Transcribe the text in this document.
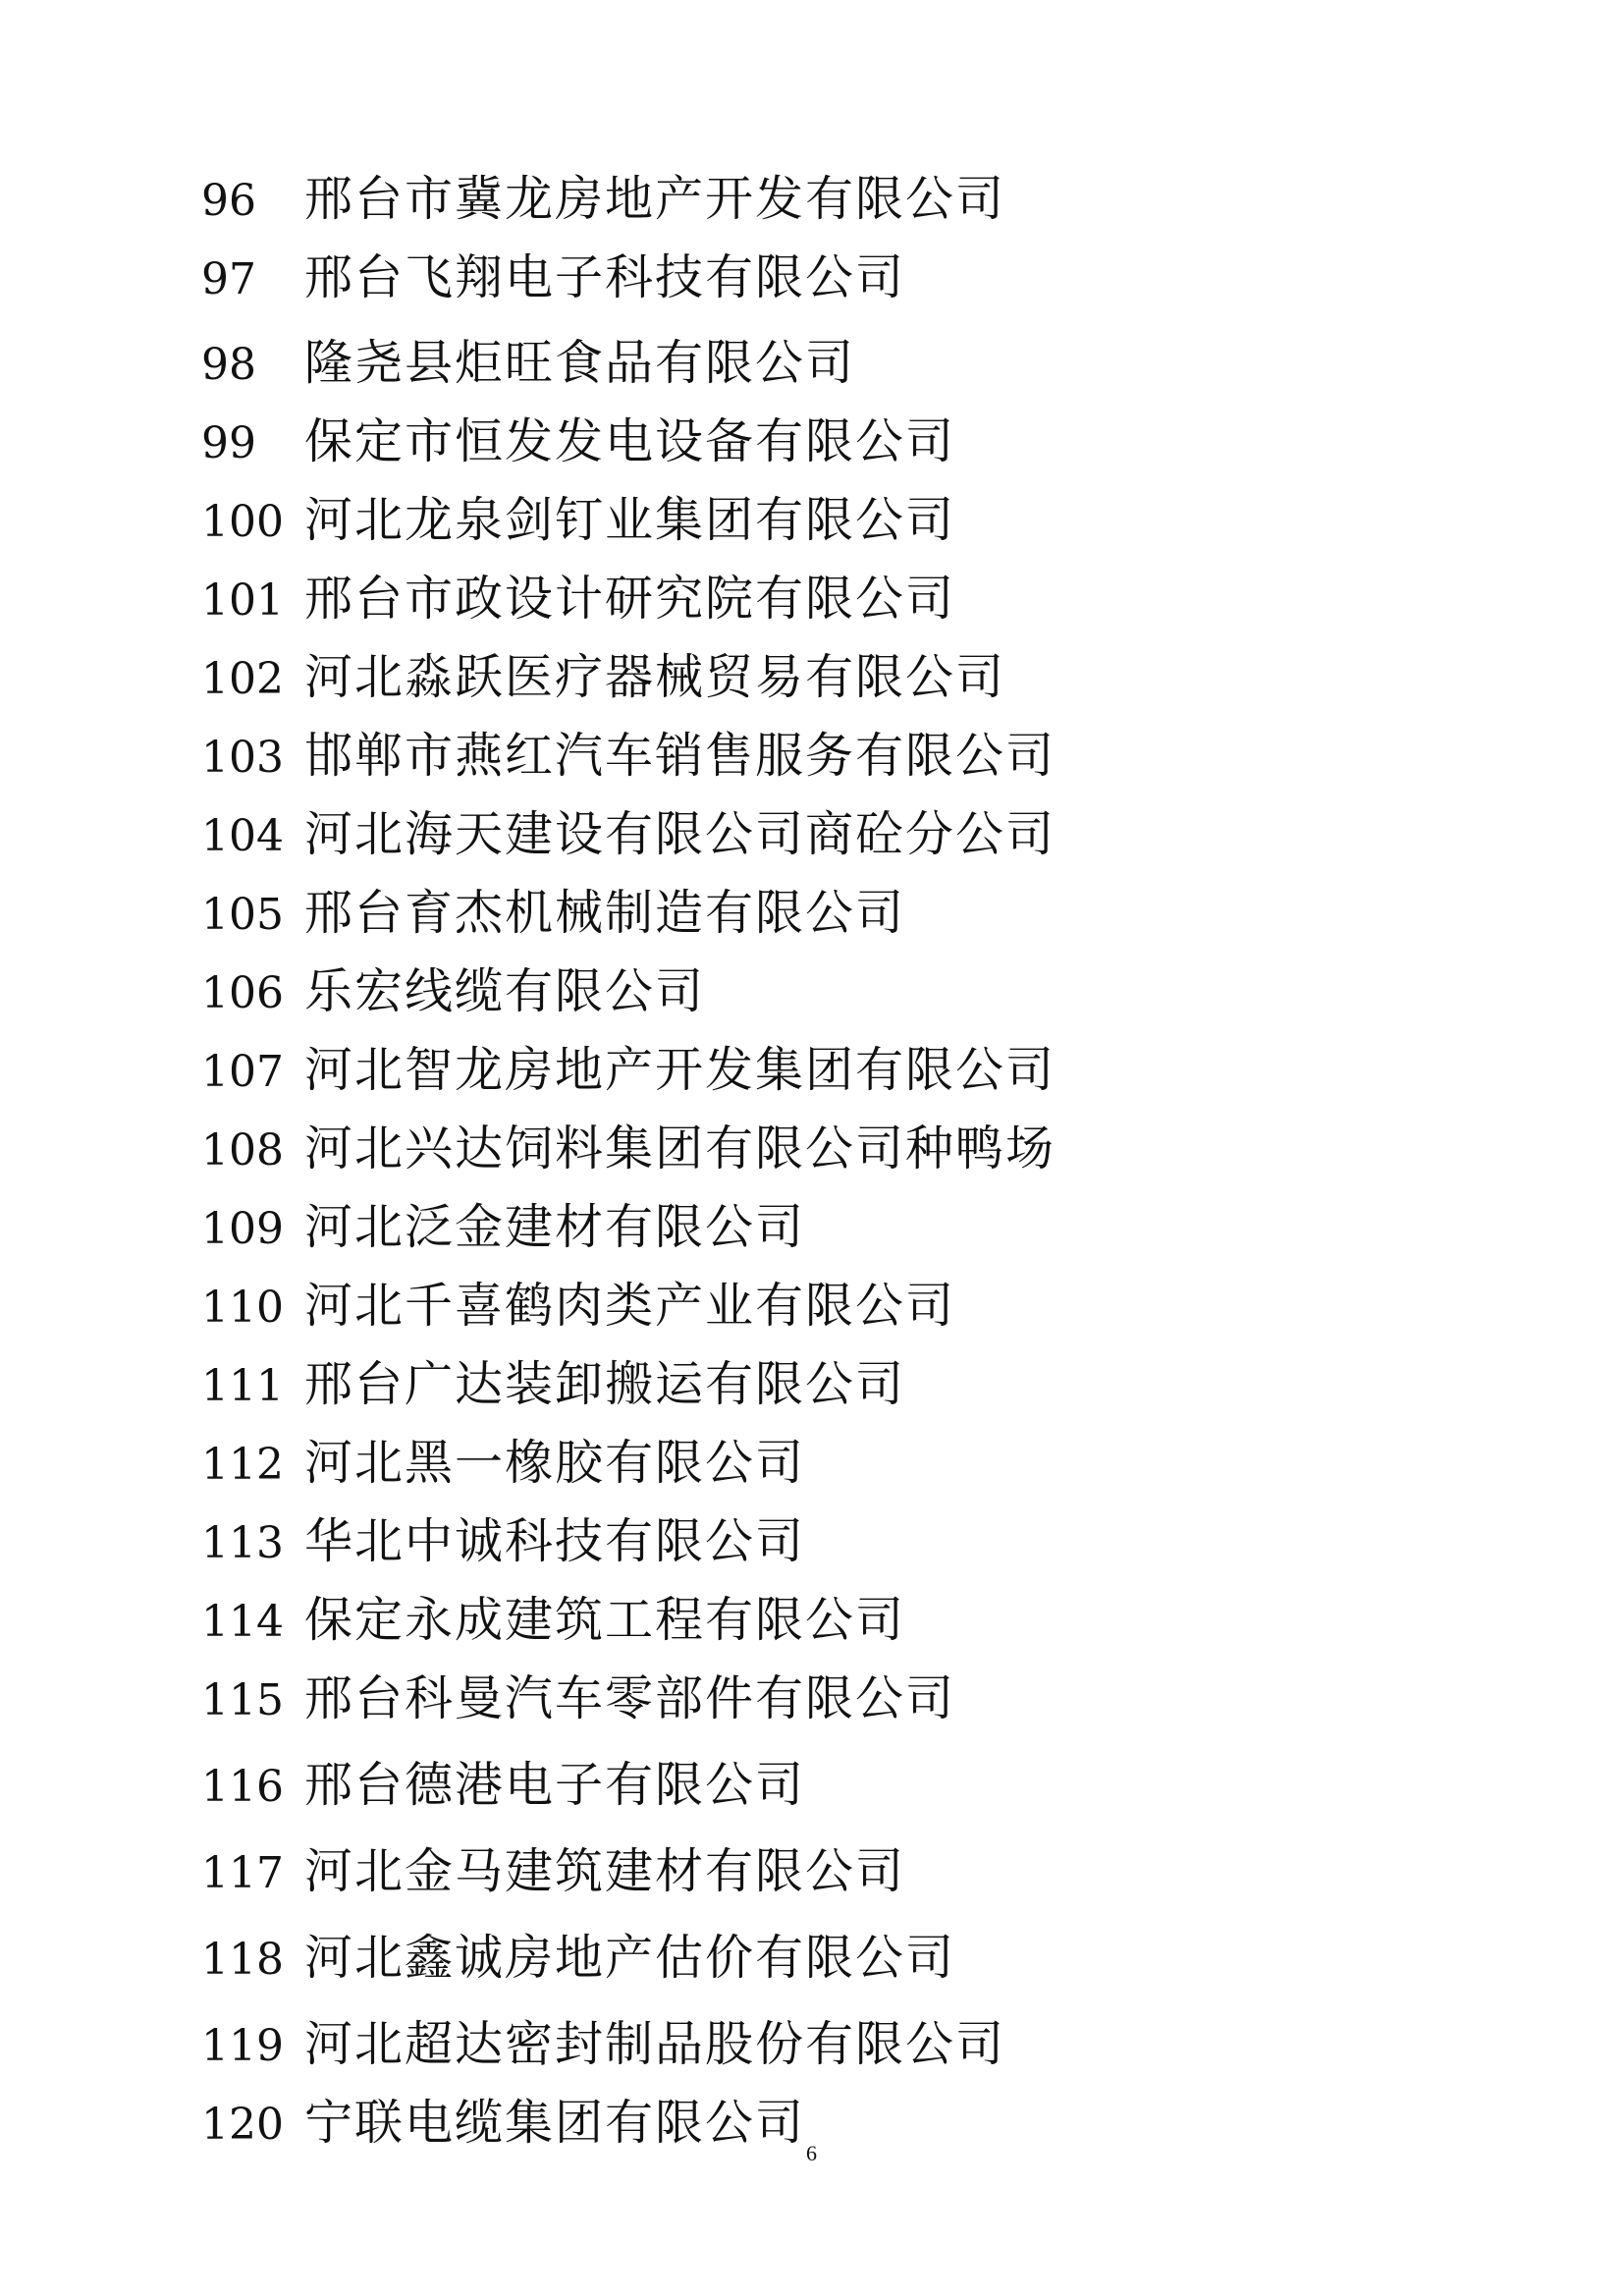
96 邢台市冀龙房地产开发有限公司
97 邢台飞翔电子科技有限公司
98 隆尧县炬旺食品有限公司
99 保定市恒发发电设备有限公司
100 河北龙泉剑钉业集团有限公司
101 邢台市政设计研究院有限公司
102 河北淼跃医疗器械贸易有限公司
103 邯郸市燕红汽车销售服务有限公司
104 河北海天建设有限公司商砼分公司
105 邢台育杰机械制造有限公司
106 乐宏线缆有限公司
107 河北智龙房地产开发集团有限公司
108 河北兴达饲料集团有限公司种鸭场
109 河北泛金建材有限公司
110 河北千喜鹤肉类产业有限公司
111 邢台广达装卸搬运有限公司
112 河北黑一橡胶有限公司
113 华北中诚科技有限公司
114 保定永成建筑工程有限公司
115 邢台科曼汽车零部件有限公司
116 邢台德港电子有限公司
117 河北金马建筑建材有限公司
118 河北鑫诚房地产估价有限公司
119 河北超达密封制品股份有限公司
120 宁联电缆集团有限公司
6
